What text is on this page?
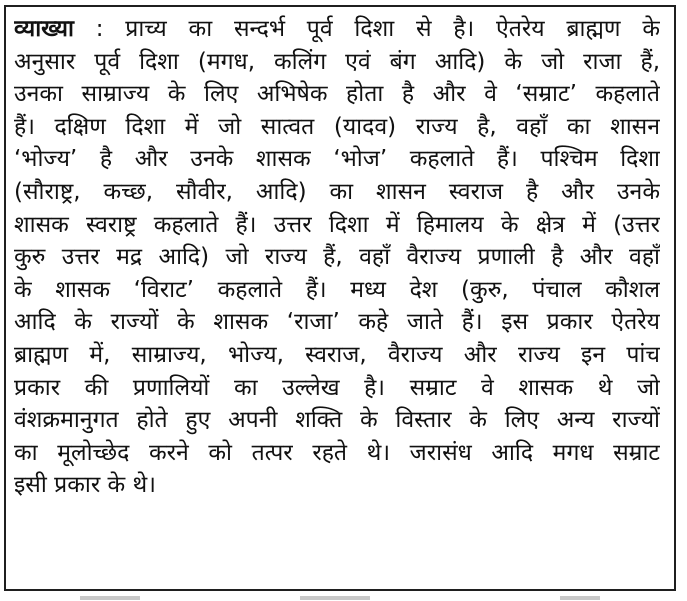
व्याख्या : प्राच्य का सन्दर्भ पूर्व दिशा से है। ऐतरेय ब्राह्मण के
अनुसार पूर्व दिशा (मगध, कलिंग एवं बंग आदि) के जो राजा हैं,
उनका साम्राज्य के लिए अभिषेक होता है और वे ‘सम्राट’ कहलाते
हैं। दक्षिण दिशा में जो सात्वत (यादव) राज्य है, वहाँ का शासन
‘भोज्य’ है और उनके शासक ‘भोज’ कहलाते हैं। पश्चिम दिशा
(सौराष्ट्र, कच्छ, सौवीर, आदि) का शासन स्वराज है और उनके
शासक स्वराष्ट्र कहलाते हैं। उत्तर दिशा में हिमालय के क्षेत्र में (उत्तर
कुरु उत्तर मद्र आदि) जो राज्य हैं, वहाँ वैराज्य प्रणाली है और वहाँ
के शासक ‘विराट’ कहलाते हैं। मध्य देश (कुरु, पंचाल कौशल
आदि के राज्यों के शासक ‘राजा’ कहे जाते हैं। इस प्रकार ऐतरेय
ब्राह्मण में, साम्राज्य, भोज्य, स्वराज, वैराज्य और राज्य इन पांच
प्रकार की प्रणालियों का उल्लेख है। सम्राट वे शासक थे जो
वंशक्रमानुगत होते हुए अपनी शक्ति के विस्तार के लिए अन्य राज्यों
का मूलोच्छेद करने को तत्पर रहते थे। जरासंध आदि मगध सम्राट
इसी प्रकार के थे।
